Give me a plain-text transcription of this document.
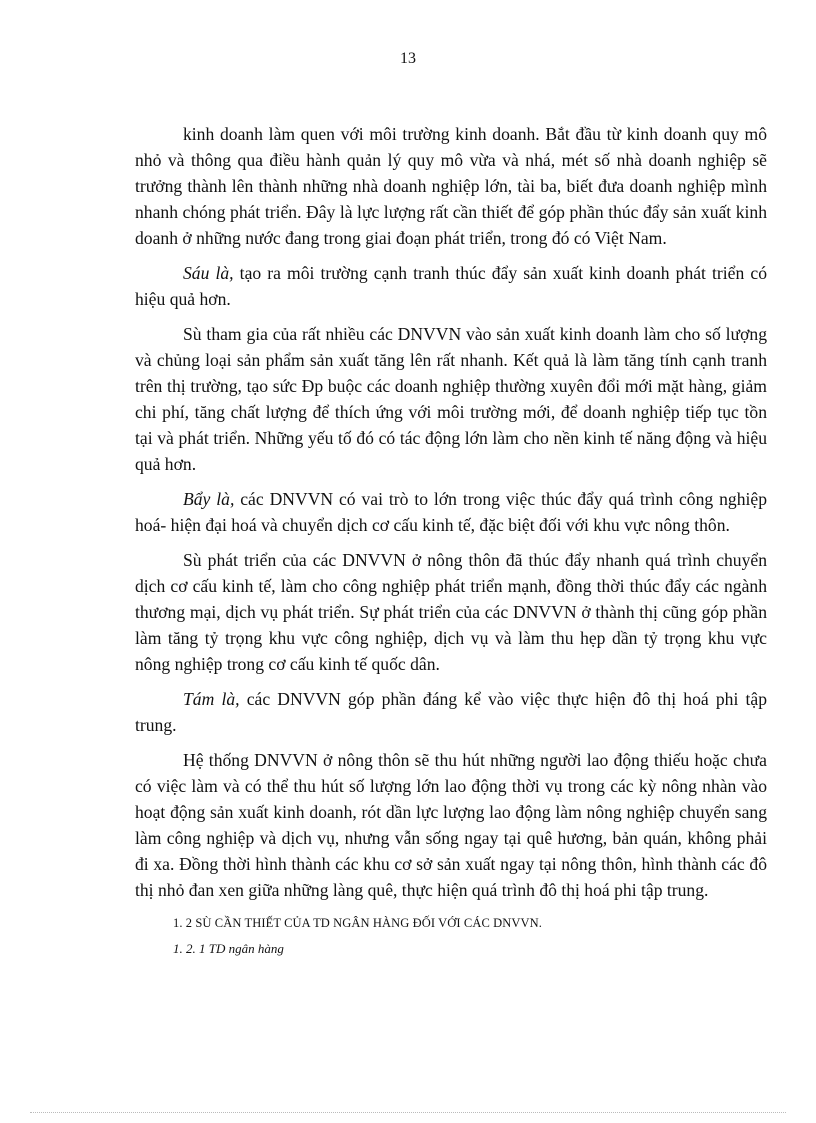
13

kinh doanh làm quen với môi trường kinh doanh. Bắt đầu từ kinh doanh quy mô nhỏ và thông qua điều hành quản lý quy mô vừa và nhá, mét số nhà doanh nghiệp sẽ trưởng thành lên thành những nhà doanh nghiệp lớn, tài ba, biết đưa doanh nghiệp mình nhanh chóng phát triển. Đây là lực lượng rất cần thiết để góp phần thúc đẩy sản xuất kinh doanh ở những nước đang trong giai đoạn phát triển, trong đó có Việt Nam.

Sáu là, tạo ra môi trường cạnh tranh thúc đẩy sản xuất kinh doanh phát triển có hiệu quả hơn.

Sù tham gia của rất nhiều các DNVVN vào sản xuất kinh doanh làm cho số lượng và chủng loại sản phẩm sản xuất tăng lên rất nhanh. Kết quả là làm tăng tính cạnh tranh trên thị trường, tạo sức Ðp buộc các doanh nghiệp thường xuyên đổi mới mặt hàng, giảm chi phí, tăng chất lượng để thích ứng với môi trường mới, để doanh nghiệp tiếp tục tồn tại và phát triển. Những yếu tố đó có tác động lớn làm cho nền kinh tế năng động và hiệu quả hơn.

Bẩy là, các DNVVN có vai trò to lớn trong việc thúc đẩy quá trình công nghiệp hoá- hiện đại hoá và chuyển dịch cơ cấu kinh tế, đặc biệt đối với khu vực nông thôn.

Sù phát triển của các DNVVN ở nông thôn đã thúc đẩy nhanh quá trình chuyển dịch cơ cấu kinh tế, làm cho công nghiệp phát triển mạnh, đồng thời thúc đẩy các ngành thương mại, dịch vụ phát triển. Sự phát triển của các DNVVN ở thành thị cũng góp phần làm tăng tỷ trọng khu vực công nghiệp, dịch vụ và làm thu hẹp dần tỷ trọng khu vực nông nghiệp trong cơ cấu kinh tế quốc dân.

Tám là, các DNVVN góp phần đáng kể vào việc thực hiện đô thị hoá phi tập trung.

Hệ thống DNVVN ở nông thôn sẽ thu hút những người lao động thiếu hoặc chưa có việc làm và có thể thu hút số lượng lớn lao động thời vụ trong các kỳ nông nhàn vào hoạt động sản xuất kinh doanh, rót dần lực lượng lao động làm nông nghiệp chuyển sang làm công nghiệp và dịch vụ, nhưng vẫn sống ngay tại quê hương, bản quán, không phải đi xa. Đồng thời hình thành các khu cơ sở sản xuất ngay tại nông thôn, hình thành các đô thị nhỏ đan xen giữa những làng quê, thực hiện quá trình đô thị hoá phi tập trung.

1. 2 SÙ CẦN THIẾT CỦA TD NGÂN HÀNG ĐỐI VỚI CÁC DNVVN.
1. 2. 1 TD ngân hàng
